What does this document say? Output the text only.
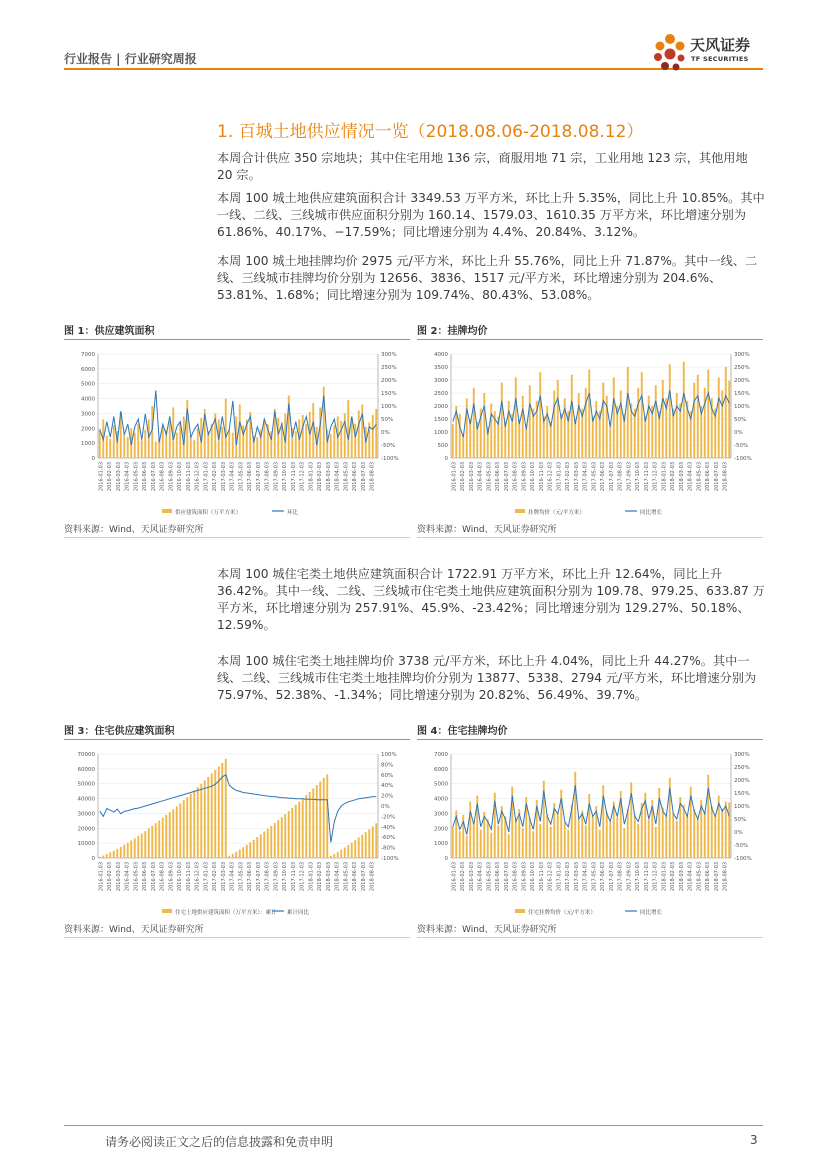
行业报告 | 行业研究周报
天风证券
TF SECURITIES
1. 百城土地供应情况一览（2018.08.06-2018.08.12）

本周合计供应 350 宗地块；其中住宅用地 136 宗，商服用地 71 宗，工业用地 123 宗，其他用地 20 宗。

本周 100 城土地供应建筑面积合计 3349.53 万平方米，环比上升 5.35%，同比上升 10.85%。其中一线、二线、三线城市供应面积分别为 160.14、1579.03、1610.35 万平方米，环比增速分别为 61.86%、40.17%、−17.59%；同比增速分别为 4.4%、20.84%、3.12%。

本周 100 城土地挂牌均价 2975 元/平方米，环比上升 55.76%，同比上升 71.87%。其中一线、二线、三线城市挂牌均价分别为 12656、3836、1517 元/平方米，环比增速分别为 204.6%、53.81%、1.68%；同比增速分别为 109.74%、80.43%、53.08%。

图 1：供应建筑面积
0
1000
2000
3000
4000
5000
6000
7000
-100%
-50%
0%
50%
100%
150%
200%
250%
300%
2016-01-03 2016-02-03 2016-03-03 2016-04-03 2016-05-03 2016-06-03 2016-07-03 2016-08-03 2016-09-03 2016-10-03 2016-11-03 2016-12-03 2017-01-03 2017-02-03 2017-03-03 2017-04-03 2017-05-03 2017-06-03 2017-07-03 2017-08-03 2017-09-03 2017-10-03 2017-11-03 2017-12-03 2018-01-03 2018-02-03 2018-03-03 2018-04-03 2018-05-03 2018-06-03 2018-07-03 2018-08-03
供应建筑面积（万平方米）	环比
资料来源：Wind、天风证券研究所
图 2：挂牌均价
0
500
1000
1500
2000
2500
3000
3500
4000
-100%
-50%
0%
50%
100%
150%
200%
250%
300%
2016-01-03 2016-02-03 2016-03-03 2016-04-03 2016-05-03 2016-06-03 2016-07-03 2016-08-03 2016-09-03 2016-10-03 2016-11-03 2016-12-03 2017-01-03 2017-02-03 2017-03-03 2017-04-03 2017-05-03 2017-06-03 2017-07-03 2017-08-03 2017-09-03 2017-10-03 2017-11-03 2017-12-03 2018-01-03 2018-02-03 2018-03-03 2018-04-03 2018-05-03 2018-06-03 2018-07-03 2018-08-03
挂牌均价（元/平方米）	同比增长
资料来源：Wind、天风证券研究所

本周 100 城住宅类土地供应建筑面积合计 1722.91 万平方米，环比上升 12.64%，同比上升 36.42%。其中一线、二线、三线城市住宅类土地供应建筑面积分别为 109.78、979.25、633.87 万平方米，环比增速分别为 257.91%、45.9%、-23.42%；同比增速分别为 129.27%、50.18%、12.59%。

本周 100 城住宅类土地挂牌均价 3738 元/平方米，环比上升 4.04%，同比上升 44.27%。其中一线、二线、三线城市住宅类土地挂牌均价分别为 13877、5338、2794 元/平方米，环比增速分别为 75.97%、52.38%、-1.34%；同比增速分别为 20.82%、56.49%、39.7%。

图 3：住宅供应建筑面积
0
10000
20000
30000
40000
50000
60000
70000
-100%
-80%
-60%
-40%
-20%
0%
20%
40%
60%
80%
100%
2016-01-03 2016-02-03 2016-03-03 2016-04-03 2016-05-03 2016-06-03 2016-07-03 2016-08-03 2016-09-03 2016-10-03 2016-11-03 2016-12-03 2017-01-03 2017-02-03 2017-03-03 2017-04-03 2017-05-03 2017-06-03 2017-07-03 2017-08-03 2017-09-03 2017-10-03 2017-11-03 2017-12-03 2018-01-03 2018-02-03 2018-03-03 2018-04-03 2018-05-03 2018-06-03 2018-07-03 2018-08-03
住宅土地供应建筑面积（万平方米）：累计 累计同比
资料来源：Wind、天风证券研究所
图 4：住宅挂牌均价
0
1000
2000
3000
4000
5000
6000
7000
-100%
-50%
0%
50%
100%
150%
200%
250%
300%
2016-01-03 2016-02-03 2016-03-03 2016-04-03 2016-05-03 2016-06-03 2016-07-03 2016-08-03 2016-09-03 2016-10-03 2016-11-03 2016-12-03 2017-01-03 2017-02-03 2017-03-03 2017-04-03 2017-05-03 2017-06-03 2017-07-03 2017-08-03 2017-09-03 2017-10-03 2017-11-03 2017-12-03 2018-01-03 2018-02-03 2018-03-03 2018-04-03 2018-05-03 2018-06-03 2018-07-03 2018-08-03
住宅挂牌均价（元/平方米）	同比增长
资料来源：Wind、天风证券研究所
请务必阅读正文之后的信息披露和免责申明	3
